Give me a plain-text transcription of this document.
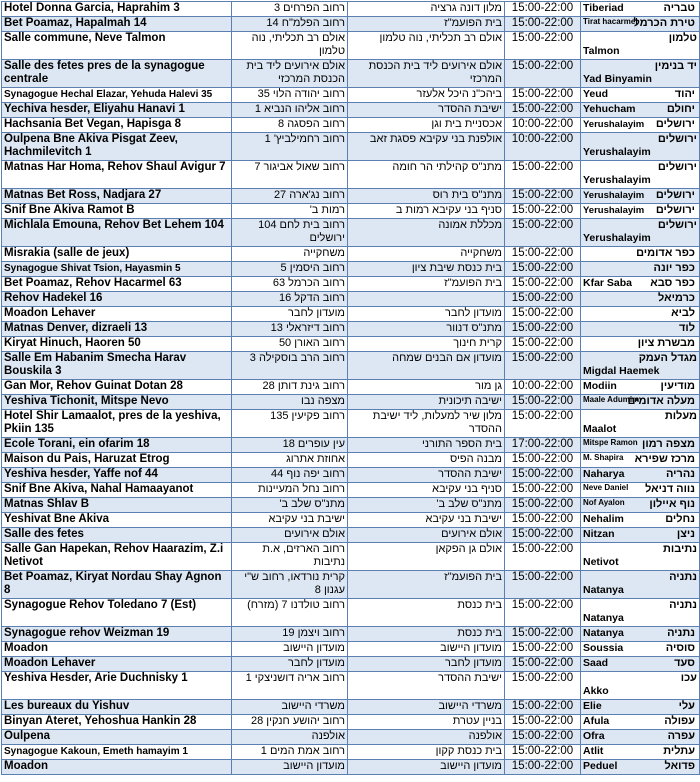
Hotel Donna Garcia, Haprahim 3	רחוב הפרחים 3	מלון דונה גרציה	15:00-22:00	טבריה
Tiberiad

Bet Poamaz, Hapalmah 14	רחוב הפלמ"ח 14	בית הפועמ"ז	15:00-22:00	טירת הכרמל
Tirat hacarmel

Salle commune, Neve Talmon	אולם רב תכליתי, נוה טלמון	אולם רב תכליתי, נוה טלמון	15:00-22:00	טלמון
Talmon

Salle des fetes pres de la synagogue centrale	אולם אירועים ליד בית הכנסת המרכזי	אולם אירועים ליד בית הכנסת המרכזי	15:00-22:00	יד בנימין
Yad Binyamin

Synagogue Hechal Elazar, Yehuda Halevi 35	רחוב יהודה הלוי 35	ביהכ"נ היכל אלעזר	15:00-22:00	יהוד
Yeud

Yechiva hesder, Eliyahu Hanavi 1	רחוב אליהו הנביא 1	ישיבת ההסדר	15:00-22:00	יחולם
Yehucham

Hachsania Bet Vegan, Hapisga 8	רחוב הפסגה 8	אכסניית בית וגן	10:00-22:00	ירושלים
Yerushalayim

Oulpena Bne Akiva Pisgat Zeev, Hachmilevitch 1	רחוב רחמילביץ' 1	אולפנת בני עקיבא פסגת זאב	10:00-22:00	ירושלים
Yerushalayim

Matnas Har Homa, Rehov Shaul Avigur 7	רחוב שאול אביגור 7	מתנ"ס קהילתי הר חומה	15:00-22:00	ירושלים
Yerushalayim

Matnas Bet Ross, Nadjara 27	רחוב נג'ארה 27	מתנ"ס בית רוס	15:00-22:00	ירושלים
Yerushalayim

Snif Bne Akiva Ramot B	רמות ב'	סניף בני עקיבא רמות ב	15:00-22:00	ירושלים
Yerushalayim

Michlala Emouna, Rehov Bet Lehem 104	רחוב בית לחם 104 ירושלים	מכללת אמונה	15:00-22:00	ירושלים
Yerushalayim

Misrakia (salle de jeux)	משחקייה	משחקייה	15:00-22:00	כפר אדומים

Synagogue Shivat Tsion, Hayasmin 5	רחוב היסמין 5	בית כנסת שיבת ציון	15:00-22:00	כפר יונה

Bet Poamaz, Rehov Hacarmel 63	רחוב הכרמל 63	בית הפועמ"ז	15:00-22:00	כפר סבא
Kfar Saba

Rehov Hadekel 16	רחוב הדקל 16		15:00-22:00	כרמיאל

Moadon Lehaver	מועדון לחבר	מועדון לחבר	15:00-22:00	לביא

Matnas Denver, dizraeli 13	רחוב דיזראלי 13	מתנ"ס דנוור	15:00-22:00	לוד

Kiryat Hinuch, Haoren 50	רחוב האורן 50	קרית חינוך	15:00-22:00	מבשרת ציון

Salle Em Habanim Smecha Harav Bouskila 3	רחוב הרב בוסקילה 3	מועדון אם הבנים שמחה	15:00-22:00	מגדל העמק
Migdal Haemek

Gan Mor, Rehov Guinat Dotan 28	רחוב גינת דותן 28	גן מור	10:00-22:00	מודיעין
Modiin

Yeshiva Tichonit, Mitspe Nevo	מצפה נבו	ישיבה תיכונית	15:00-22:00	מעלה אדומים
Maale Adumim

Hotel Shir Lamaalot, pres de la yeshiva, Pkiin 135	רחוב פקיעין 135	מלון שיר למעלות, ליד ישיבת ההסדר	15:00-22:00	מעלות
Maalot

Ecole Torani, ein ofarim 18	עין עופרים 18	בית הספר התורני	17:00-22:00	מצפה רמון
Mitspe Ramon

Maison du Pais, Haruzat Etrog	אחוזת אתרוג	מבנה הפיס	15:00-22:00	מרכז שפירא
M. Shapira

Yeshiva hesder, Yaffe nof 44	רחוב יפה נוף 44	ישיבת ההסדר	15:00-22:00	נהריה
Naharya

Snif Bne Akiva, Nahal Hamaayanot	רחוב נחל המעיינות	סניף בני עקיבא	15:00-22:00	נווה דניאל
Neve Daniel

Matnas Shlav B	מתנ"ס שלב ב'	מתנ"ס שלב ב'	15:00-22:00	נוף איילון
Nof Ayalon

Yeshivat Bne Akiva	ישיבת בני עקיבא	ישיבת בני עקיבא	15:00-22:00	נחלים
Nehalim

Salle des fetes	אולם אירועים	אולם אירועים	15:00-22:00	ניצן
Nitzan

Salle Gan Hapekan, Rehov Haarazim, Z.i Netivot	רחוב הארזים, א.ת נתיבות	אולם גן הפקאן	15:00-22:00	נתיבות
Netivot

Bet Poamaz, Kiryat Nordau Shay Agnon 8	קרית נורדאו, רחוב ש"י עגנון 8	בית הפועמ"ז	15:00-22:00	נתניה
Natanya

Synagogue Rehov Toledano 7 (Est)	רחוב טולדנו 7 (מזרח)	בית כנסת	15:00-22:00	נתניה
Natanya

Synagogue rehov Weizman 19	רחוב ויצמן 19	בית כנסת	15:00-22:00	נתניה
Natanya

Moadon	מועדון היישוב	מועדון היישוב	15:00-22:00	סוסיה
Soussia

Moadon Lehaver	מועדון לחבר	מועדון לחבר	15:00-22:00	סעד
Saad

Yeshiva Hesder, Arie Duchnisky 1	רחוב אריה דושניצקי 1	ישיבת ההסדר	15:00-22:00	עכו
Akko

Les bureaux du Yishuv	משרדי היישוב	משרדי היישוב	15:00-22:00	עלי
Elie

Binyan Ateret, Yehoshua Hankin 28	רחוב יהושע חנקין 28	בניין עטרת	15:00-22:00	עפולה
Afula

Oulpena	אולפנה	אולפנה	15:00-22:00	עפרה
Ofra

Synagogue Kakoun, Emeth hamayim 1	רחוב אמת המים 1	בית כנסת קקון	15:00-22:00	עתלית
Atlit

Moadon	מועדון היישוב	מועדון היישוב	15:00-22:00	פדואל
Peduel
